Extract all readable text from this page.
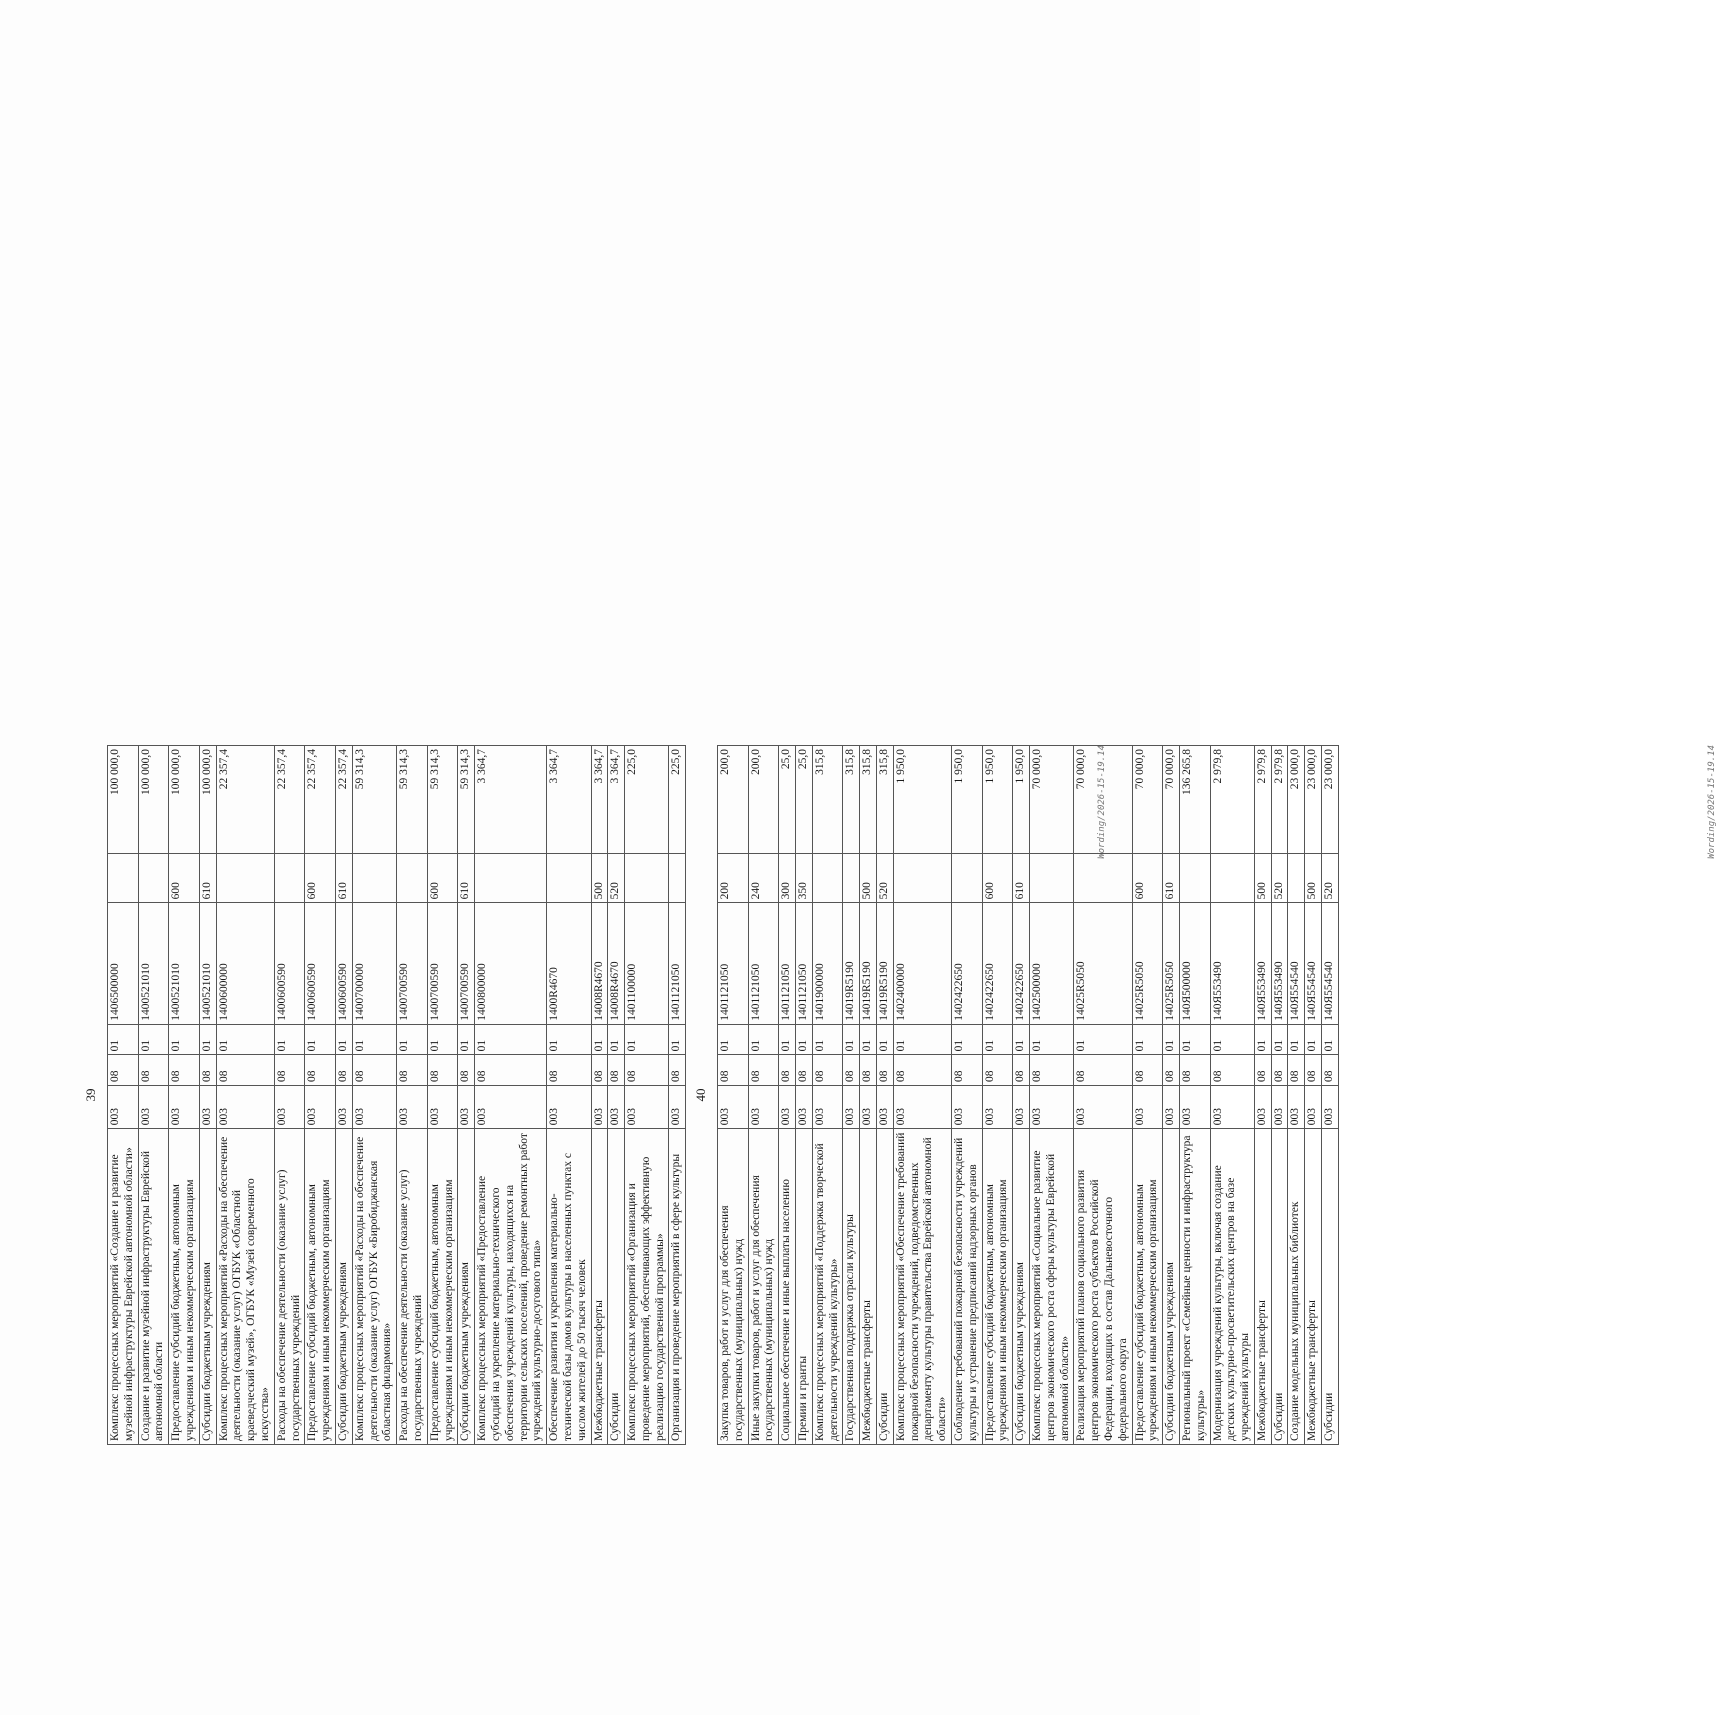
39
Комплекс процессных мероприятий «Создание и развитие музейной инфраструктуры Еврейской автономной области»	003	08	01	1406500000		100 000,0
Создание и развитие музейной инфраструктуры Еврейской автономной области	003	08	01	1400521010		100 000,0
Предоставление субсидий бюджетным, автономным учреждениям и иным некоммерческим организациям	003	08	01	1400521010	600	100 000,0
Субсидии бюджетным учреждениям	003	08	01	1400521010	610	100 000,0
Комплекс процессных мероприятий «Расходы на обеспечение деятельности (оказание услуг) ОГБУК «Областной краеведческий музей», ОГБУК «Музей современного искусства»	003	08	01	1400600000		22 357,4
Расходы на обеспечение деятельности (оказание услуг) государственных учреждений	003	08	01	1400600590		22 357,4
Предоставление субсидий бюджетным, автономным учреждениям и иным некоммерческим организациям	003	08	01	1400600590	600	22 357,4
Субсидии бюджетным учреждениям	003	08	01	1400600590	610	22 357,4
Комплекс процессных мероприятий «Расходы на обеспечение деятельности (оказание услуг) ОГБУК «Биробиджанская областная филармония»	003	08	01	1400700000		59 314,3
Расходы на обеспечение деятельности (оказание услуг) государственных учреждений	003	08	01	1400700590		59 314,3
Предоставление субсидий бюджетным, автономным учреждениям и иным некоммерческим организациям	003	08	01	1400700590	600	59 314,3
Субсидии бюджетным учреждениям	003	08	01	1400700590	610	59 314,3
Комплекс процессных мероприятий «Предоставление субсидий на укрепление материально-технического обеспечения учреждений культуры, находящихся на территории сельских поселений, проведение ремонтных работ учреждений культурно-досугового типа»	003	08	01	1400800000		3 364,7
Обеспечение развития и укрепления материально-технической базы домов культуры в населенных пунктах с числом жителей до 50 тысяч человек	003	08	01	1400R4670		3 364,7
Межбюджетные трансферты	003	08	01	14008R4670	500	3 364,7
Субсидии	003	08	01	14008R4670	520	3 364,7
Комплекс процессных мероприятий «Организация и проведение мероприятий, обеспечивающих эффективную реализацию государственной программы»	003	08	01	1401100000		225,0
Организация и проведение мероприятий в сфере культуры	003	08	01	1401121050		225,0	Wording/2026-15-19.14
40
Закупка товаров, работ и услуг для обеспечения государственных (муниципальных) нужд	003	08	01	1401121050	200	200,0
Иные закупки товаров, работ и услуг для обеспечения государственных (муниципальных) нужд	003	08	01	1401121050	240	200,0
Социальное обеспечение и иные выплаты населению	003	08	01	1401121050	300	25,0
Премии и гранты	003	08	01	1401121050	350	25,0
Комплекс процессных мероприятий «Поддержка творческой деятельности учреждений культуры»	003	08	01	1401900000		315,8
Государственная поддержка отрасли культуры	003	08	01	14019R5190		315,8
Межбюджетные трансферты	003	08	01	14019R5190	500	315,8
Субсидии	003	08	01	14019R5190	520	315,8
Комплекс процессных мероприятий «Обеспечение требований пожарной безопасности учреждений, подведомственных департаменту культуры правительства Еврейской автономной области»	003	08	01	1402400000		1 950,0
Соблюдение требований пожарной безопасности учреждений культуры и устранение предписаний надзорных органов	003	08	01	1402422650		1 950,0
Предоставление субсидий бюджетным, автономным учреждениям и иным некоммерческим организациям	003	08	01	1402422650	600	1 950,0
Субсидии бюджетным учреждениям	003	08	01	1402422650	610	1 950,0
Комплекс процессных мероприятий «Социальное развитие центров экономического роста сферы культуры Еврейской автономной области»	003	08	01	1402500000		70 000,0
Реализация мероприятий планов социального развития центров экономического роста субъектов Российской Федерации, входящих в состав Дальневосточного федерального округа	003	08	01	14025R5050		70 000,0
Предоставление субсидий бюджетным, автономным учреждениям и иным некоммерческим организациям	003	08	01	14025R5050	600	70 000,0
Субсидии бюджетным учреждениям	003	08	01	14025R5050	610	70 000,0
Региональный проект «Семейные ценности и инфраструктура культуры»	003	08	01	140Я500000		136 265,8
Модернизация учреждений культуры, включая создание детских культурно-просветительских центров на базе учреждений культуры	003	08	01	140Я553490		2 979,8
Межбюджетные трансферты	003	08	01	140Я553490	500	2 979,8
Субсидии	003	08	01	140Я553490	520	2 979,8
Создание модельных муниципальных библиотек	003	08	01	140Я554540		23 000,0
Межбюджетные трансферты	003	08	01	140Я554540	500	23 000,0
Субсидии	003	08	01	140Я554540	520	23 000,0	Wording/2026-15-19.14
